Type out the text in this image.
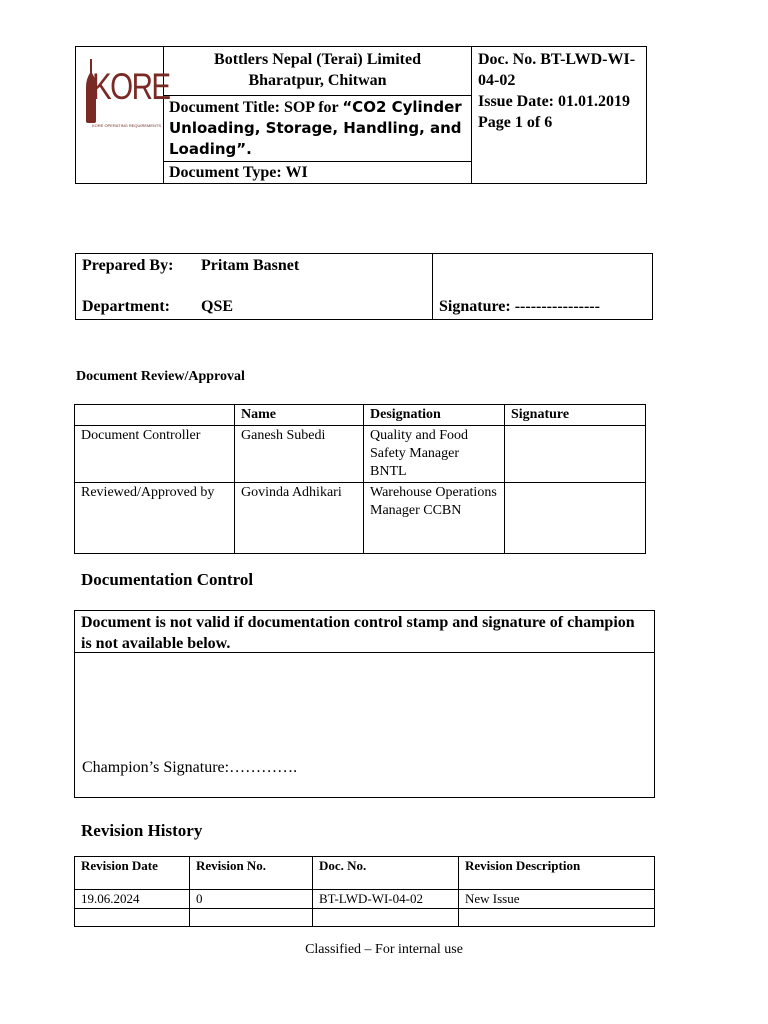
KORE
KORE OPERATING REQUIREMENTS

Bottlers Nepal (Terai) Limited
Bharatpur, Chitwan

Doc. No. BT-LWD-WI-04-02
Issue Date: 01.01.2019
Page 1 of 6

Document Title: SOP for “CO2 Cylinder Unloading, Storage, Handling, and Loading”.
Document Type: WI
Prepared By:	Pritam Basnet
Department:	QSE	Signature: ----------------
Document Review/Approval
	Name	Designation	Signature
Document Controller	Ganesh Subedi	Quality and Food Safety Manager BNTL	
Reviewed/Approved by	Govinda Adhikari	Warehouse Operations Manager CCBN	
Documentation Control
Document is not valid if documentation control stamp and signature of champion is not available below.
Champion’s Signature:………….
Revision History
Revision Date	Revision No.	Doc. No.	Revision Description
19.06.2024	0	BT-LWD-WI-04-02	New Issue

Classified – For internal use
